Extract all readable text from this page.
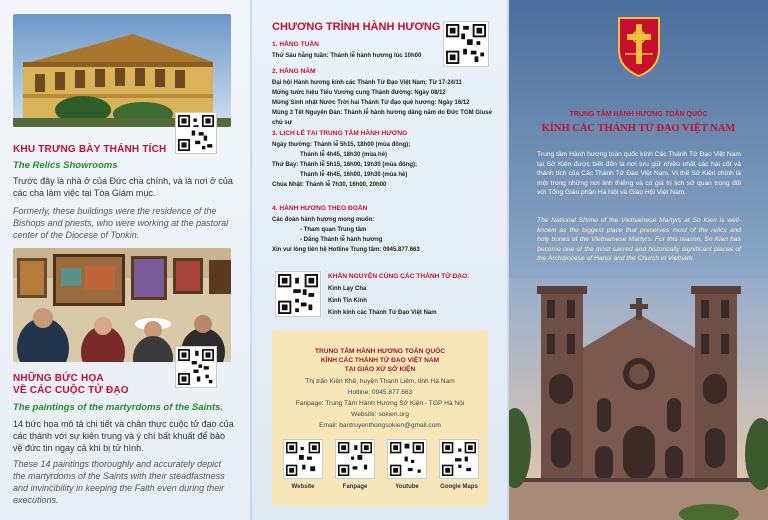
KHU TRƯNG BÀY THÁNH TÍCH
The Relics Showrooms
Trước đây là nhà ở của Đức cha chính, và là nơi ở của các cha làm việc tại Tòa Giám mục.
Formerly, these buildings were the residence of the Bishops and priests, who were working at the pastoral center of the Diocese of Tonkin.
NHỮNG BỨC HỌA
VỀ CÁC CUỘC TỬ ĐẠO
The paintings of the martyrdoms of the Saints.
14 bức họa mô tả chi tiết và chân thực cuộc tử đạo của các thánh với sự kiên trung và ý chí bất khuất để bảo vệ đức tin ngay cả khi bị tử hình.
These 14 paintings thoroughly and accurately depict the martyrdoms of the Saints with their steadfastness and invincibility in keeping the Faith even during their executions.
CHƯƠNG TRÌNH HÀNH HƯƠNG
1. HẰNG TUẦN
Thứ Sáu hằng tuần: Thánh lễ hành hương lúc 10h00
2. HẰNG NĂM
Đại hội Hành hương kính các Thánh Tử Đạo Việt Nam: Từ 17-24/11
Mừng tước hiệu Tiểu Vương cung Thánh đường: Ngày 08/12
Mừng Sinh nhật Nước Trời hai Thánh Tử đạo quê hương: Ngày 16/12
Mùng 3 Tết Nguyên Đán: Thánh lễ hành hương dâng năm do Đức TGM Giuse chủ sự
3. LỊCH LỄ TẠI TRUNG TÂM HÀNH HƯƠNG
Ngày thường: Thánh lễ 5h15, 18h00 (mùa đông);
Thánh lễ 4h45, 18h30 (mùa hè)
Thứ Bảy: Thánh lễ 5h15, 16h00, 19h30 (mùa đông);
Thánh lễ 4h45, 16h00, 19h30 (mùa hè)
Chúa Nhật: Thánh lễ 7h30, 16h00, 20h00
4. HÀNH HƯƠNG THEO ĐOÀN
Các đoàn hành hương mong muốn:
- Tham quan Trung tâm
- Dâng Thánh lễ hành hương
Xin vui lòng liên hệ Hotline Trung tâm: 0945.877.663
KHẤN NGUYỆN CÙNG CÁC THÁNH TỬ ĐẠO:
Kinh Lạy Cha
Kinh Tin Kính
Kinh kính các Thánh Tử Đạo Việt Nam
TRUNG TÂM HÀNH HƯƠNG TOÀN QUỐC
KÍNH CÁC THÁNH TỬ ĐẠO VIỆT NAM
TẠI GIÁO XỨ SỞ KIỆN
Thị trấn Kiện Khê, huyện Thanh Liêm, tỉnh Hà Nam
Hotline: 0945.877.663
Fanpage: Trung Tâm Hành Hương Sở Kiện - TGP Hà Nội
Website: sokien.org
Email: bantruyenthongsokien@gmail.com
Website	Fanpage	Youtube	Google Maps
TRUNG TÂM HÀNH HƯƠNG TOÀN QUỐC
KÍNH CÁC THÁNH TỬ ĐẠO VIỆT NAM
Trung tâm Hành hương toàn quốc kính Các Thánh Tử Đạo Việt Nam tại Sở Kiện được biết đến là nơi lưu giữ nhiều nhất các hài cốt và thánh tích của Các Thánh Tử Đạo Việt Nam. Vì thế Sở Kiện chính là một trong những nơi linh thiêng và có giá trị lịch sử quan trọng đối với Tổng Giáo phận Hà Nội và Giáo Hội Việt Nam.
The National Shrine of the Vietnamese Martyrs at So Kien is well-known as the biggest place that preserves most of the relics and holy bones of the Vietnamese Martyrs. For this reason, So Kien has become one of the most sacred and historically significant places of the Archdiocese of Hanoi and the Church in Vietnam.
